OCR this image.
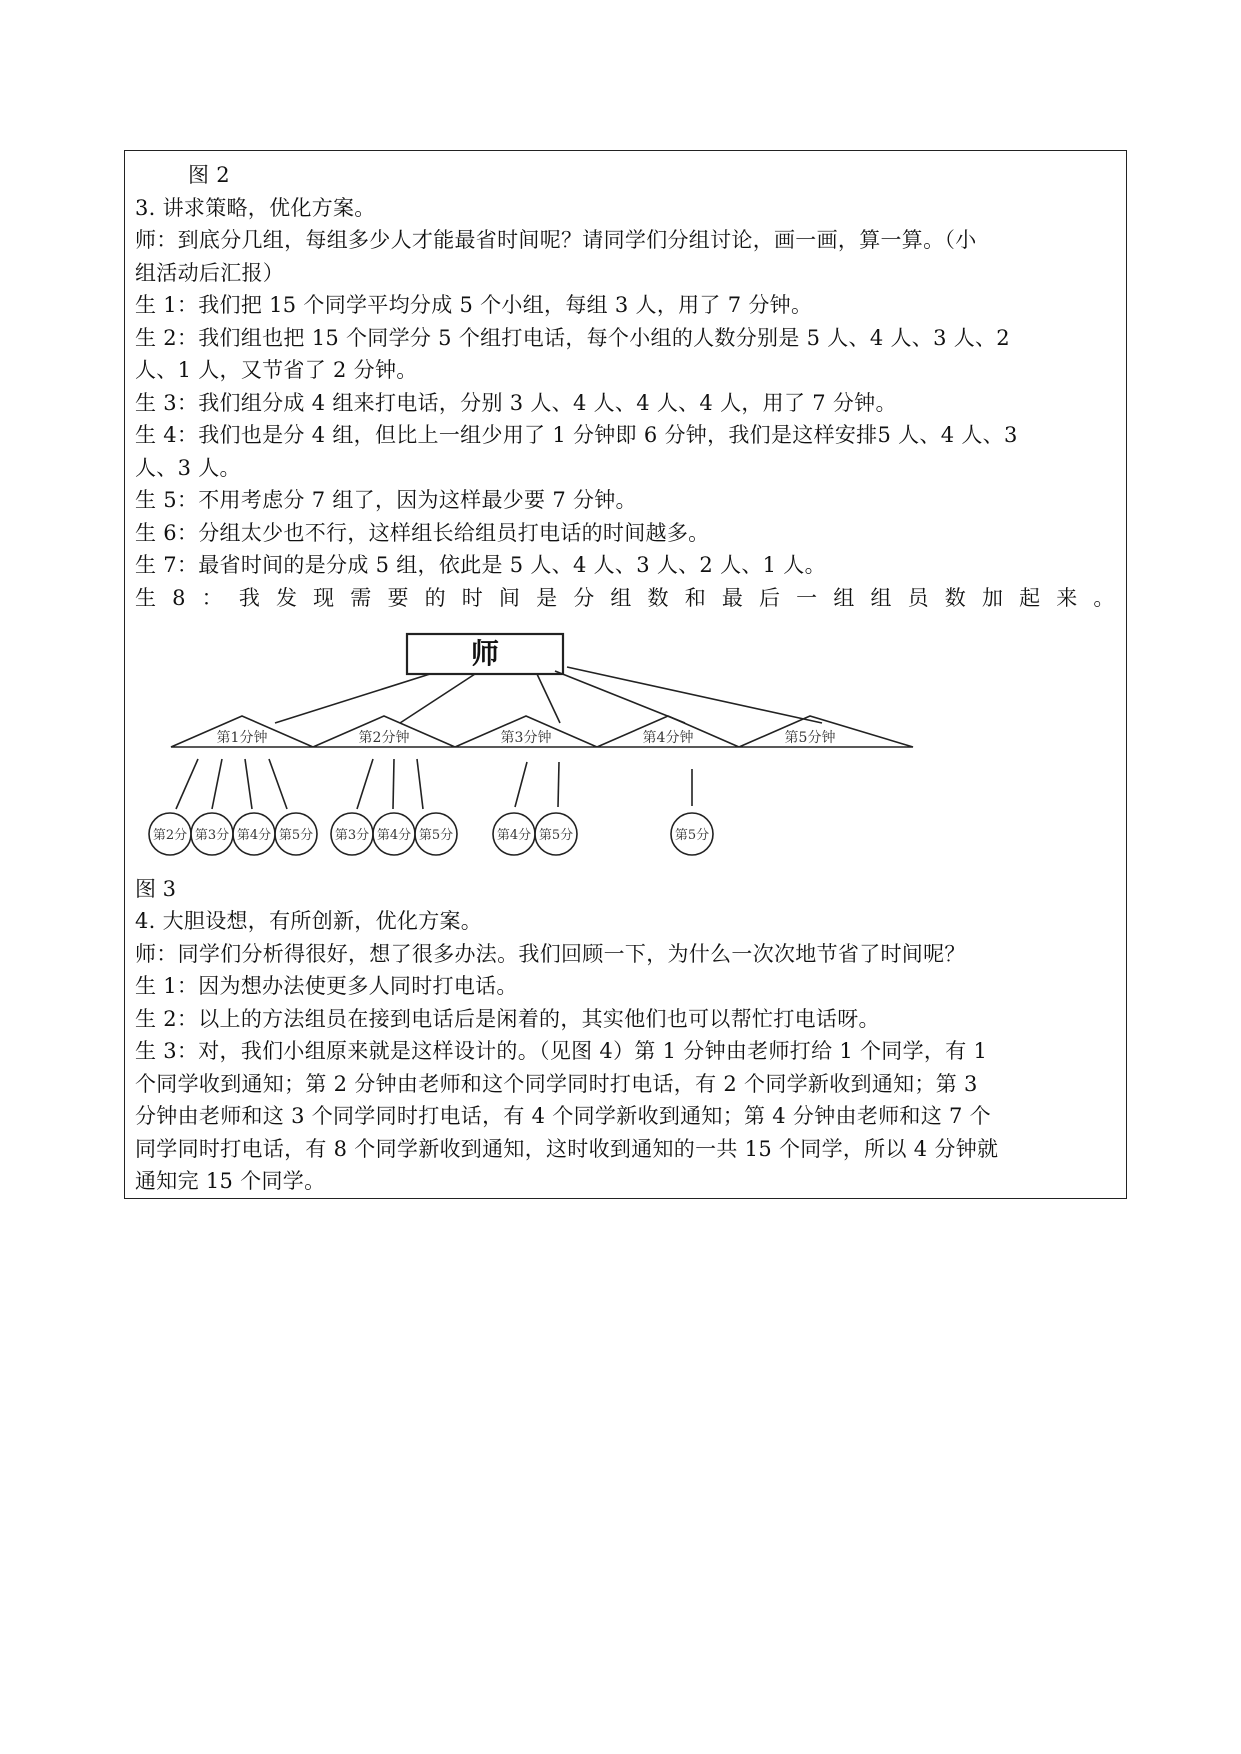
图 2
3. 讲求策略，优化方案。
师：到底分几组，每组多少人才能最省时间呢？请同学们分组讨论，画一画，算一算。（小
组活动后汇报）
生 1：我们把 15 个同学平均分成 5 个小组，每组 3 人，用了 7 分钟。
生 2：我们组也把 15 个同学分 5 个组打电话，每个小组的人数分别是 5 人、4 人、3 人、2
人、1 人，又节省了 2 分钟。
生 3：我们组分成 4 组来打电话，分别 3 人、4 人、4 人、4 人，用了 7 分钟。
生 4：我们也是分 4 组，但比上一组少用了 1 分钟即 6 分钟，我们是这样安排5 人、4 人、3
人、3 人。
生 5：不用考虑分 7 组了，因为这样最少要 7 分钟。
生 6：分组太少也不行，这样组长给组员打电话的时间越多。
生 7：最省时间的是分成 5 组，依此是 5 人、4 人、3 人、2 人、1 人。
生 8 ： 我 发 现 需 要 的 时 间 是 分 组 数 和 最 后 一 组 组 员 数 加 起 来 。
师
第1分钟	第2分钟	第3分钟	第4分钟	第5分钟
第2分 第3分 第4分 第5分 第3分 第4分 第5分	第4分 第5分	第5分
图 3
4. 大胆设想，有所创新，优化方案。
师：同学们分析得很好，想了很多办法。我们回顾一下，为什么一次次地节省了时间呢？
生 1：因为想办法使更多人同时打电话。
生 2：以上的方法组员在接到电话后是闲着的，其实他们也可以帮忙打电话呀。
生 3：对，我们小组原来就是这样设计的。（见图 4）第 1 分钟由老师打给 1 个同学，有 1
个同学收到通知；第 2 分钟由老师和这个同学同时打电话，有 2 个同学新收到通知；第 3
分钟由老师和这 3 个同学同时打电话，有 4 个同学新收到通知；第 4 分钟由老师和这 7 个
同学同时打电话，有 8 个同学新收到通知，这时收到通知的一共 15 个同学，所以 4 分钟就
通知完 15 个同学。
